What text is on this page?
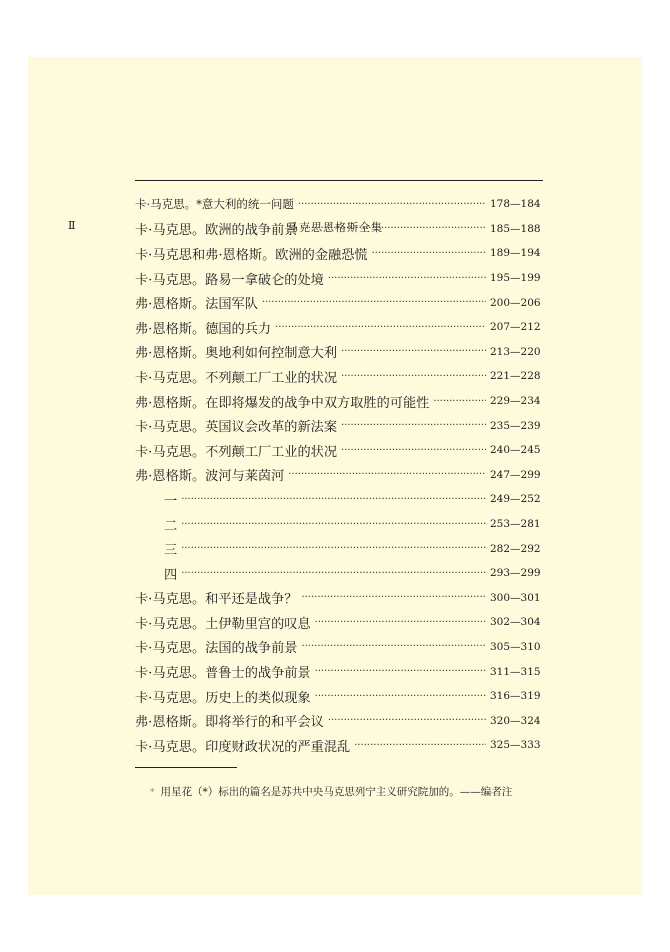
Ⅱ	马克思恩格斯全集
卡·马克思。*意大利的统一问题 ·····	178—184
卡·马克思。欧洲的战争前景 ·····	185—188
卡·马克思和弗·恩格斯。欧洲的金融恐慌 ·····	189—194
卡·马克思。路易一拿破仑的处境 ·····	195—199
弗·恩格斯。法国军队 ·····	200—206
弗·恩格斯。德国的兵力 ·····	207—212
弗·恩格斯。奥地利如何控制意大利 ·····	213—220
卡·马克思。不列颠工厂工业的状况 ·····	221—228
弗·恩格斯。在即将爆发的战争中双方取胜的可能性 ·····	229—234
卡·马克思。英国议会改革的新法案 ·····	235—239
卡·马克思。不列颠工厂工业的状况 ·····	240—245
弗·恩格斯。波河与莱茵河 ·····	247—299
一 ·····	249—252
二 ·····	253—281
三 ·····	282—292
四 ·····	293—299
卡·马克思。和平还是战争？ ·····	300—301
卡·马克思。土伊勒里宫的叹息 ·····	302—304
卡·马克思。法国的战争前景 ·····	305—310
卡·马克思。普鲁士的战争前景 ·····	311—315
卡·马克思。历史上的类似现象 ·····	316—319
弗·恩格斯。即将举行的和平会议 ·····	320—324
卡·马克思。印度财政状况的严重混乱 ·····	325—333
* 用星花（*）标出的篇名是苏共中央马克思列宁主义研究院加的。——编者注
